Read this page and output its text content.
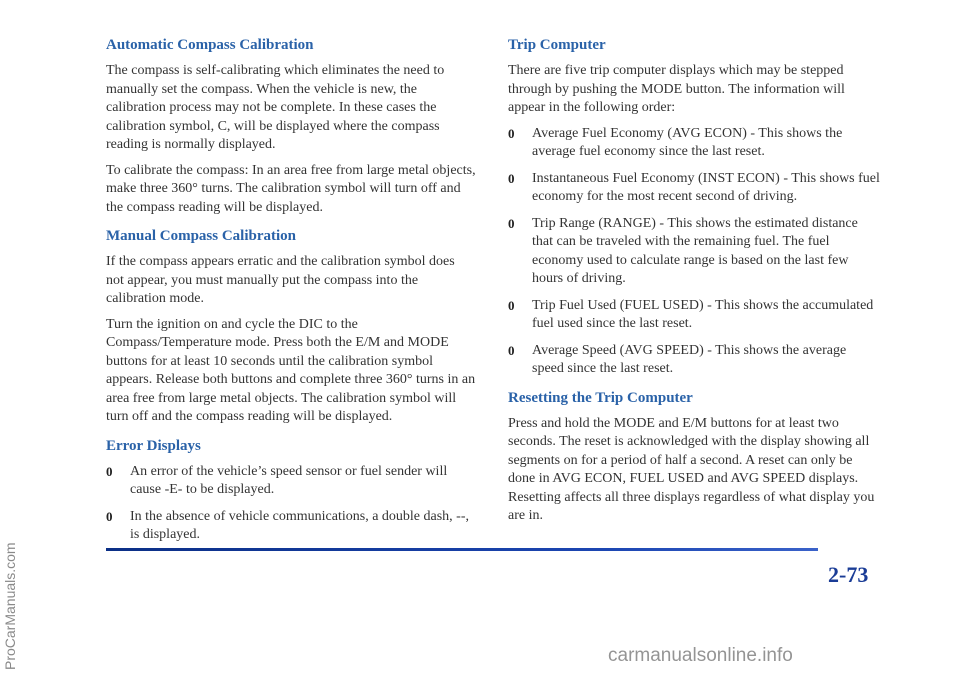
Automatic Compass Calibration

The compass is self-calibrating which eliminates the need to manually set the compass. When the vehicle is new, the calibration process may not be complete. In these cases the calibration symbol, C, will be displayed where the compass reading is normally displayed.

To calibrate the compass: In an area free from large metal objects, make three 360° turns. The calibration symbol will turn off and the compass reading will be displayed.

Manual Compass Calibration

If the compass appears erratic and the calibration symbol does not appear, you must manually put the compass into the calibration mode.

Turn the ignition on and cycle the DIC to the Compass/Temperature mode. Press both the E/M and MODE buttons for at least 10 seconds until the calibration symbol appears. Release both buttons and complete three 360° turns in an area free from large metal objects. The calibration symbol will turn off and the compass reading will be displayed.

Error Displays
0 An error of the vehicle’s speed sensor or fuel sender will cause -E- to be displayed.
0 In the absence of vehicle communications, a double dash, --, is displayed.
Trip Computer

There are five trip computer displays which may be stepped through by pushing the MODE button. The information will appear in the following order:

0 Average Fuel Economy (AVG ECON) - This shows the average fuel economy since the last reset.
0 Instantaneous Fuel Economy (INST ECON) - This shows fuel economy for the most recent second of driving.
0 Trip Range (RANGE) - This shows the estimated distance that can be traveled with the remaining fuel. The fuel economy used to calculate range is based on the last few hours of driving.
0 Trip Fuel Used (FUEL USED) - This shows the accumulated fuel used since the last reset.
0 Average Speed (AVG SPEED) - This shows the average speed since the last reset.
Resetting the Trip Computer

Press and hold the MODE and E/M buttons for at least two seconds. The reset is acknowledged with the display showing all segments on for a period of half a second. A reset can only be done in AVG ECON, FUEL USED and AVG SPEED displays. Resetting affects all three displays regardless of what display you are in.

2-73
ProCarManuals.com	carmanualsonline.info
